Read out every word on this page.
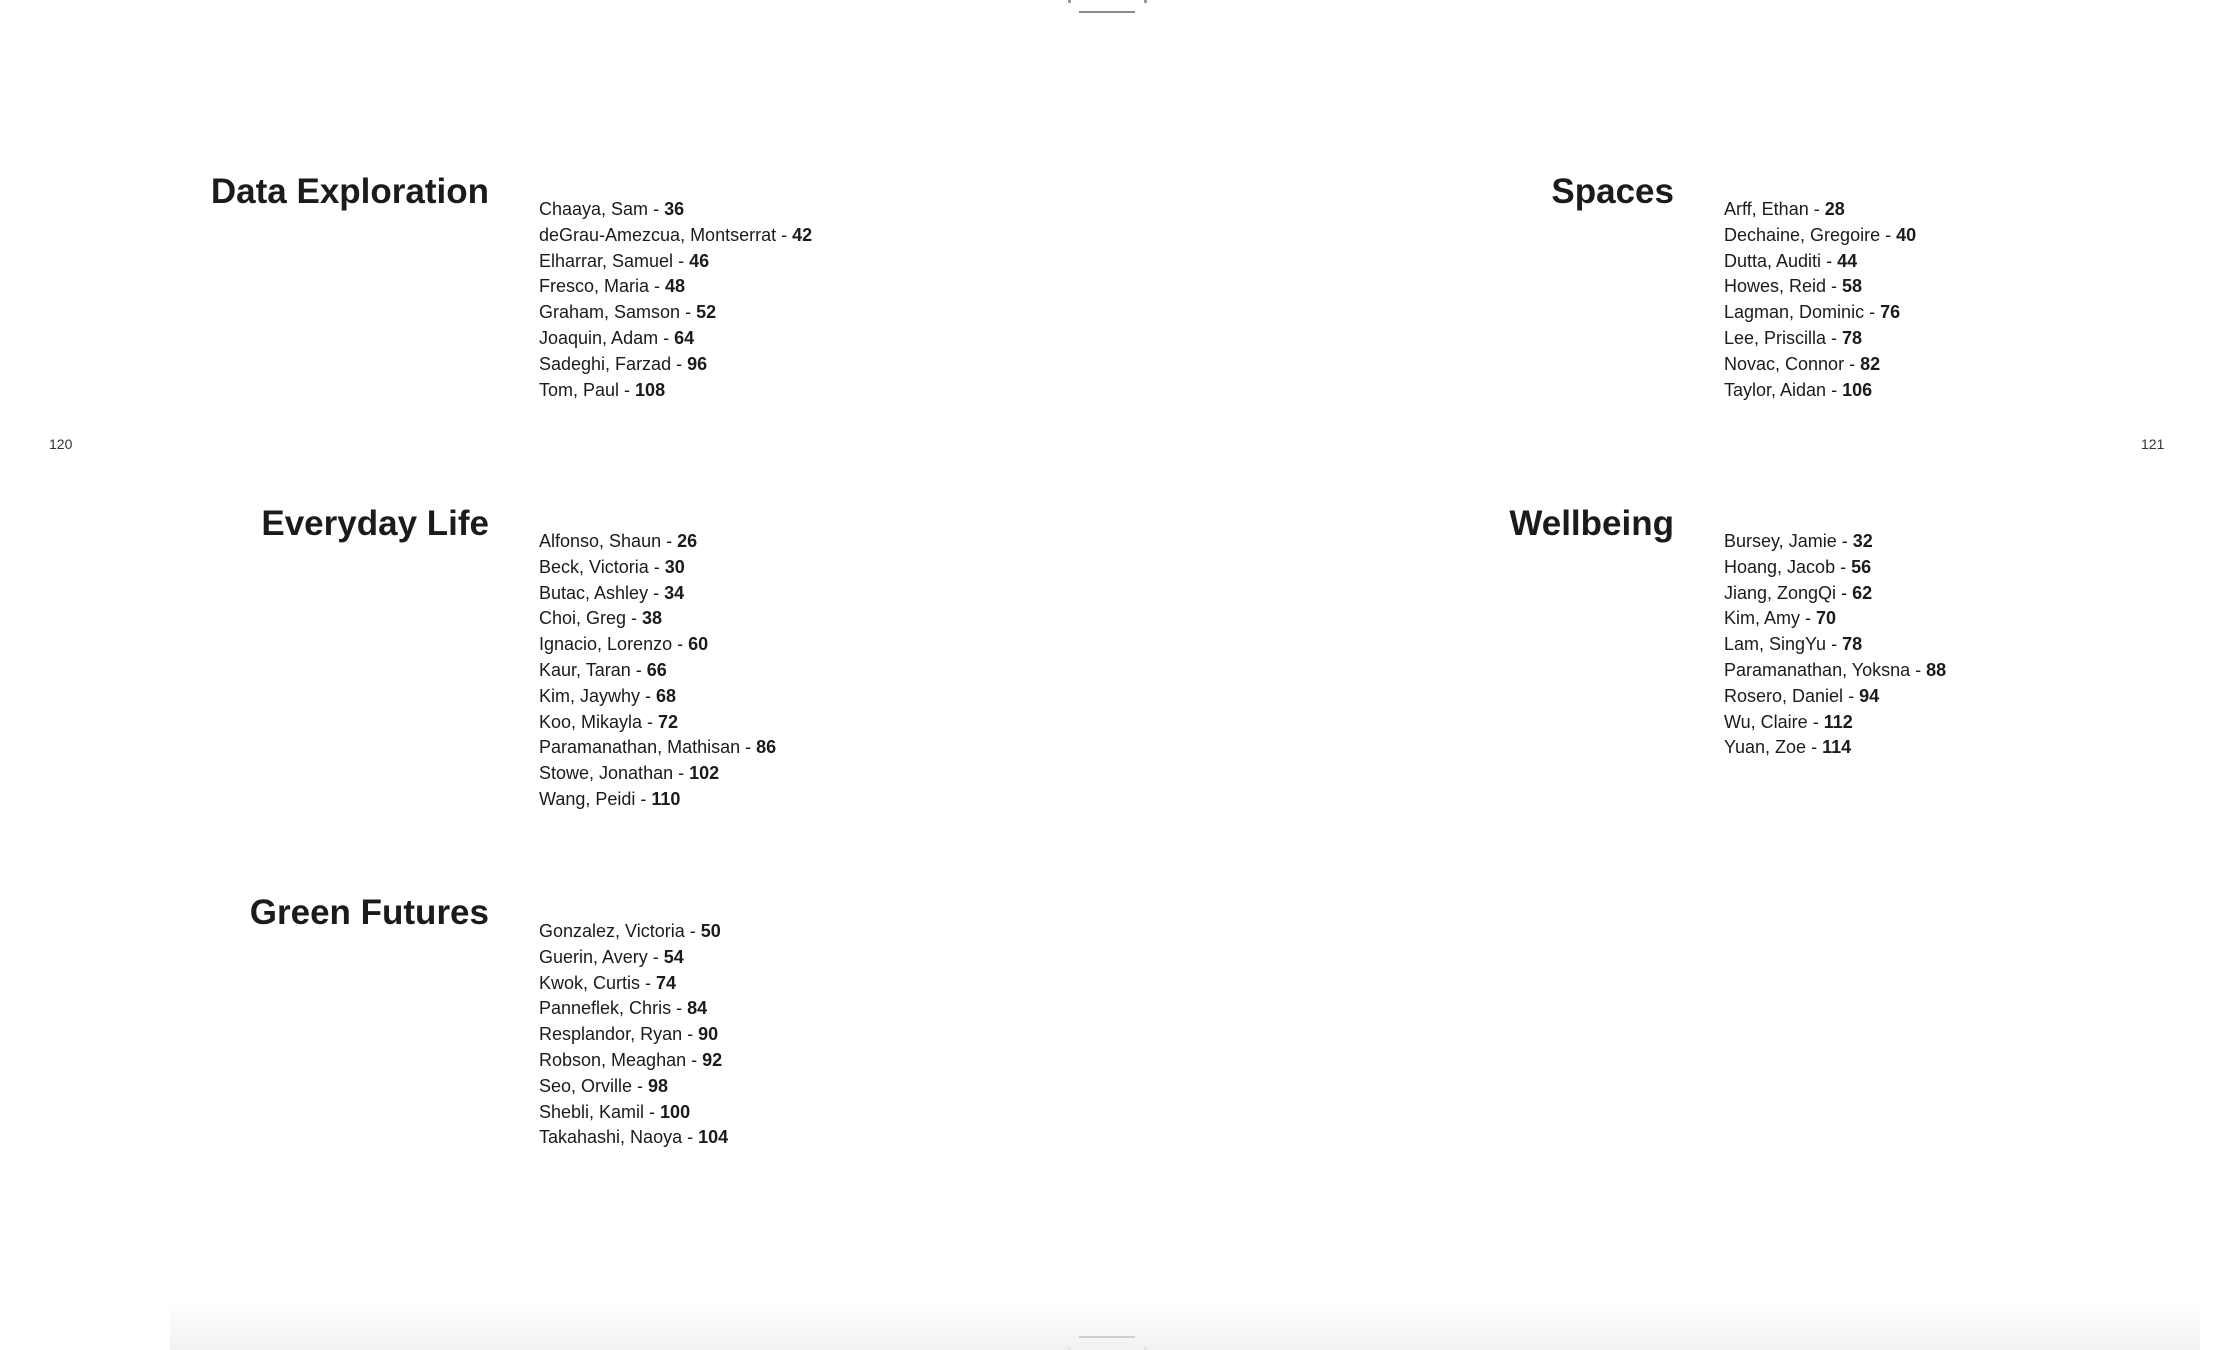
120	121
Data Exploration	Chaaya, Sam - 36
deGrau-Amezcua, Montserrat - 42
Elharrar, Samuel - 46
Fresco, Maria - 48
Graham, Samson - 52
Joaquin, Adam - 64
Sadeghi, Farzad - 96
Tom, Paul - 108
Everyday Life	Alfonso, Shaun - 26
Beck, Victoria - 30
Butac, Ashley - 34
Choi, Greg - 38
Ignacio, Lorenzo - 60
Kaur, Taran - 66
Kim, Jaywhy - 68
Koo, Mikayla - 72
Paramanathan, Mathisan - 86
Stowe, Jonathan - 102
Wang, Peidi - 110
Green Futures	Gonzalez, Victoria - 50
Guerin, Avery - 54
Kwok, Curtis - 74
Panneflek, Chris - 84
Resplandor, Ryan - 90
Robson, Meaghan - 92
Seo, Orville - 98
Shebli, Kamil - 100
Takahashi, Naoya - 104
Spaces	Arff, Ethan - 28
Dechaine, Gregoire - 40
Dutta, Auditi - 44
Howes, Reid - 58
Lagman, Dominic - 76
Lee, Priscilla - 78
Novac, Connor - 82
Taylor, Aidan - 106
Wellbeing	Bursey, Jamie - 32
Hoang, Jacob - 56
Jiang, ZongQi - 62
Kim, Amy - 70
Lam, SingYu - 78
Paramanathan, Yoksna - 88
Rosero, Daniel - 94
Wu, Claire - 112
Yuan, Zoe - 114
